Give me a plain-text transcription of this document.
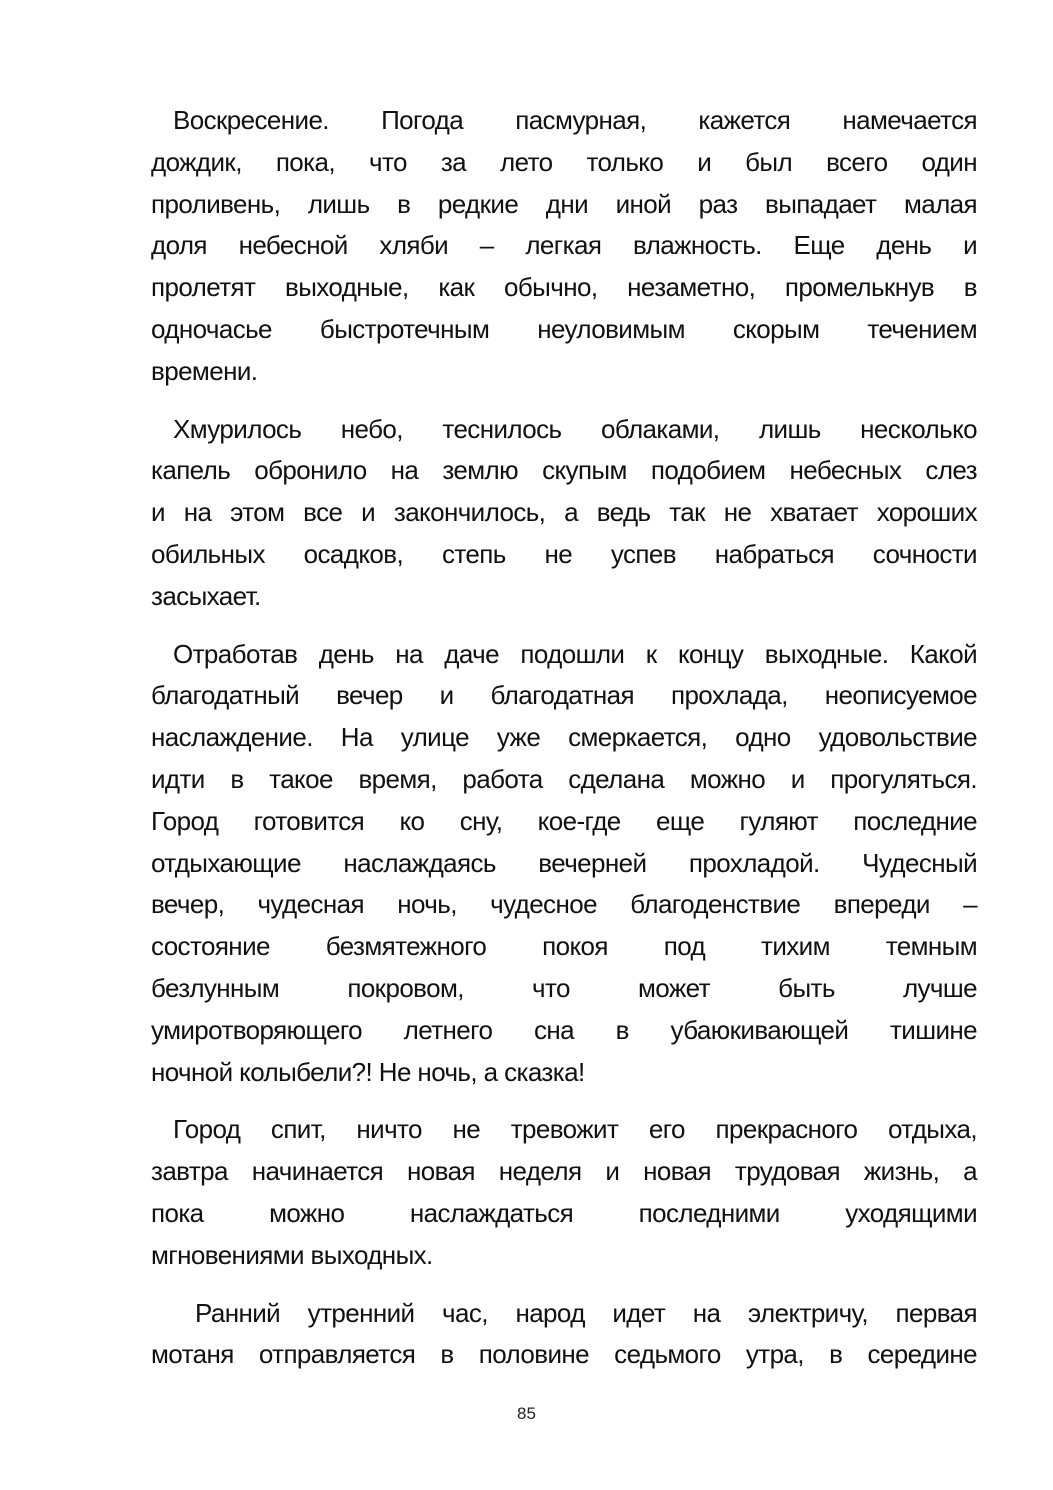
Воскресение. Погода пасмурная, кажется намечается
дождик, пока, что за лето только и был всего один
проливень, лишь в редкие дни иной раз выпадает малая
доля небесной хляби – легкая влажность. Еще день и
пролетят выходные, как обычно, незаметно, промелькнув в
одночасье быстротечным неуловимым скорым течением
времени.
Хмурилось небо, теснилось облаками, лишь несколько
капель обронило на землю скупым подобием небесных слез
и на этом все и закончилось, а ведь так не хватает хороших
обильных осадков, степь не успев набраться сочности
засыхает.
Отработав день на даче подошли к концу выходные. Какой
благодатный вечер и благодатная прохлада, неописуемое
наслаждение. На улице уже смеркается, одно удовольствие
идти в такое время, работа сделана можно и прогуляться.
Город готовится ко сну, кое-где еще гуляют последние
отдыхающие наслаждаясь вечерней прохладой. Чудесный
вечер, чудесная ночь, чудесное благоденствие впереди –
состояние безмятежного покоя под тихим темным
безлунным покровом, что может быть лучше
умиротворяющего летнего сна в убаюкивающей тишине
ночной колыбели?! Не ночь, а сказка!
Город спит, ничто не тревожит его прекрасного отдыха,
завтра начинается новая неделя и новая трудовая жизнь, а
пока можно наслаждаться последними уходящими
мгновениями выходных.
Ранний утренний час, народ идет на электричу, первая
мотаня отправляется в половине седьмого утра, в середине
85
